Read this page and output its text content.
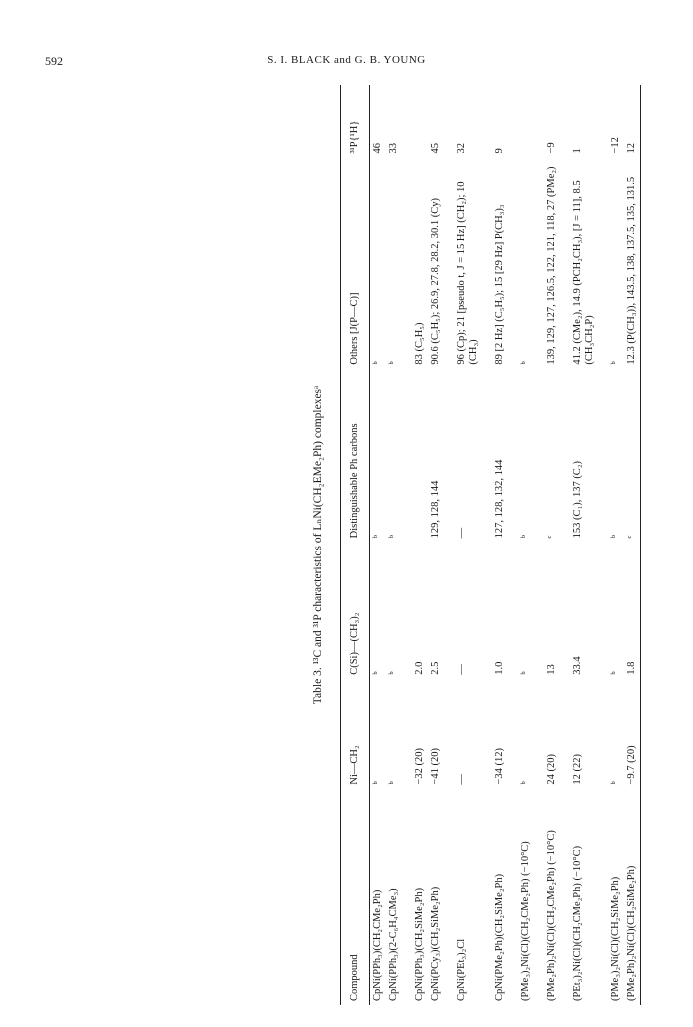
592	S. I. BLACK and G. B. YOUNG
Table 3. ¹³C and ³¹P characteristics of LₙNi(CH₂EMe₂Ph) complexesᵃ
Compound	Ni—CH₂	C(Si)—(CH₃)₂	Distinguishable Ph carbons	Others [J(P—C)]	³¹P{¹H}
CpNi(PPh₃)(CH₂CMe₂Ph)	ᵇ	ᵇ	ᵇ	ᵇ	46
CpNi(PPh₃)(2-C₆H₄CMe₃)	ᵇ	ᵇ	ᵇ	ᵇ	33
CpNi(PPh₃)(CH₂SiMe₂Ph)	−32 (20)	2.0		83 (C₅H₅)	
CpNi(PCy₃)(CH₂SiMe₂Ph)	−41 (20)	2.5	129, 128, 144	90.6 (C₅H₅); 26.9, 27.8, 28.2, 30.1 (Cy)	45
CpNi(PEt₃)₂Cl	—	—	—	96 (Cp); 21 [pseudo t, J = 15 Hz] (CH₂); 10 (CH₃)	32
CpNi(PMe₂Ph)(CH₂SiMe₂Ph)	−34 (12)	1.0	127, 128, 132, 144	89 [2 Hz] (C₅H₅); 15 [29 Hz] P(CH₃)₃	9
(PMe₃)₂Ni(Cl)(CH₂CMe₂Ph) (−10°C)	ᵇ	ᵇ	ᵇ	ᵇ	
(PMe₂Ph)₂Ni(Cl)(CH₂CMe₂Ph) (−10°C)	24 (20)	13	ᶜ	139, 129, 127, 126.5, 122, 121, 118, 27 (PMe₂)	−9
(PEt₃)₂Ni(Cl)(CH₂CMe₂Ph) (−10°C)	12 (22)	33.4	153 (C₁), 137 (C₂)	41.2 (CMe₂), 14.9 (PCH₂CH₃), [J = 11], 8.5 (CH₃CH₂P)	1
(PMe₃)₂Ni(Cl)(CH₂SiMe₂Ph)	ᵇ	ᵇ	ᵇ	ᵇ	−12
(PMe₂Ph)₂Ni(Cl)(CH₂SiMe₂Ph)	−9.7 (20)	1.8	ᶜ	12.3 (P(CH₃)), 143.5, 138, 137.5, 135, 131.5	12
